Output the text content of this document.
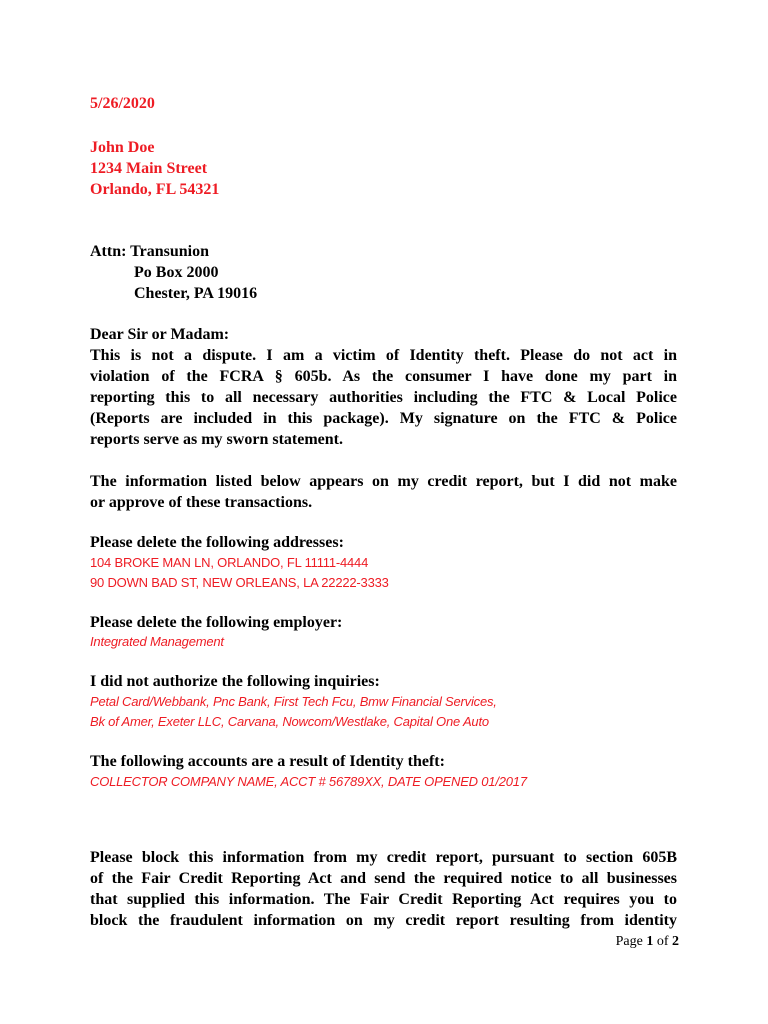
5/26/2020
John Doe
1234 Main Street
Orlando, FL 54321
Attn: Transunion
Po Box 2000
Chester, PA 19016
Dear Sir or Madam:
This is not a dispute. I am a victim of Identity theft. Please do not act in
violation of the FCRA § 605b. As the consumer I have done my part in
reporting this to all necessary authorities including the FTC & Local Police
(Reports are included in this package). My signature on the FTC & Police
reports serve as my sworn statement.
The information listed below appears on my credit report, but I did not make
or approve of these transactions.
Please delete the following addresses:
104 BROKE MAN LN, ORLANDO, FL 11111-4444
90 DOWN BAD ST, NEW ORLEANS, LA 22222-3333
Please delete the following employer:
Integrated Management
I did not authorize the following inquiries:
Petal Card/Webbank, Pnc Bank, First Tech Fcu, Bmw Financial Services,
Bk of Amer, Exeter LLC, Carvana, Nowcom/Westlake, Capital One Auto
The following accounts are a result of Identity theft:
COLLECTOR COMPANY NAME, ACCT # 56789XX, DATE OPENED 01/2017
Please block this information from my credit report, pursuant to section 605B
of the Fair Credit Reporting Act and send the required notice to all businesses
that supplied this information. The Fair Credit Reporting Act requires you to
block the fraudulent information on my credit report resulting from identity
Page 1 of 2
